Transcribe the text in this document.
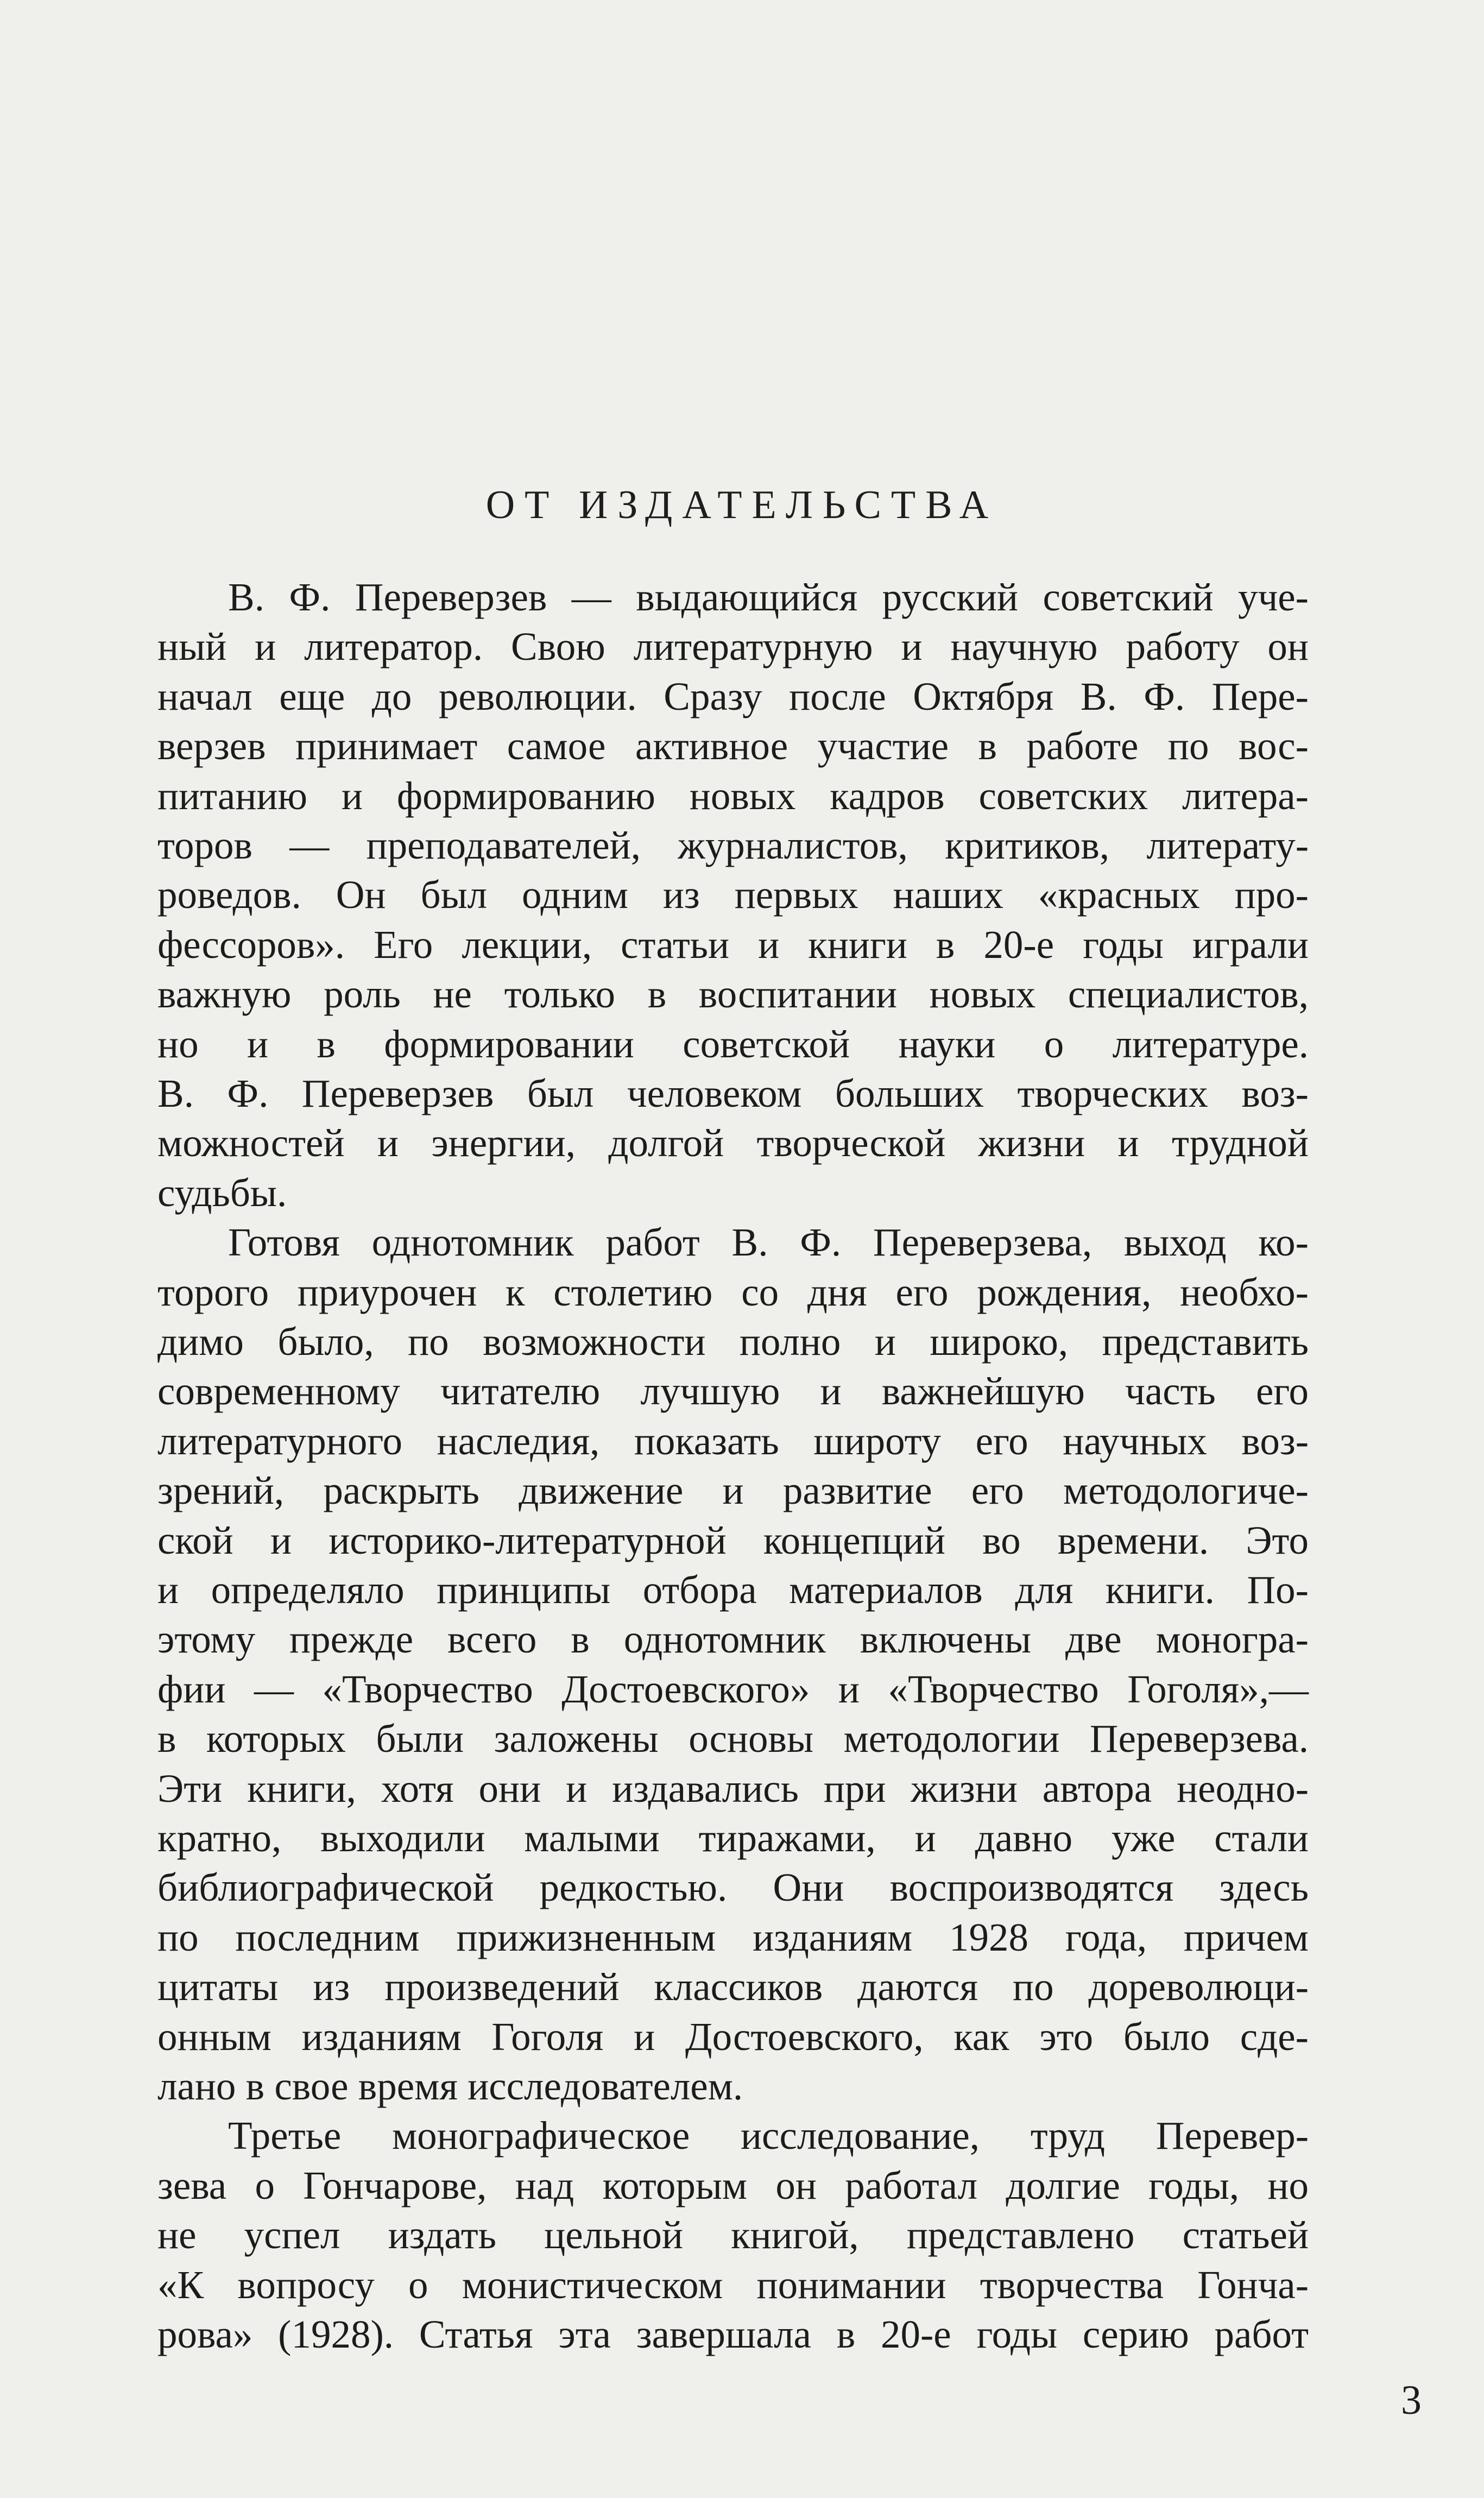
ОТ ИЗДАТЕЛЬСТВА
В. Ф. Переверзев — выдающийся русский советский уче-
ный и литератор. Свою литературную и научную работу он
начал еще до революции. Сразу после Октября В. Ф. Пере-
верзев принимает самое активное участие в работе по вос-
питанию и формированию новых кадров советских литера-
торов — преподавателей, журналистов, критиков, литерату-
роведов. Он был одним из первых наших «красных про-
фессоров». Его лекции, статьи и книги в 20-е годы играли
важную роль не только в воспитании новых специалистов,
но и в формировании советской науки о литературе.
В. Ф. Переверзев был человеком больших творческих воз-
можностей и энергии, долгой творческой жизни и трудной
судьбы.
Готовя однотомник работ В. Ф. Переверзева, выход ко-
торого приурочен к столетию со дня его рождения, необхо-
димо было, по возможности полно и широко, представить
современному читателю лучшую и важнейшую часть его
литературного наследия, показать широту его научных воз-
зрений, раскрыть движение и развитие его методологиче-
ской и историко-литературной концепций во времени. Это
и определяло принципы отбора материалов для книги. По-
этому прежде всего в однотомник включены две моногра-
фии — «Творчество Достоевского» и «Творчество Гоголя»,—
в которых были заложены основы методологии Переверзева.
Эти книги, хотя они и издавались при жизни автора неодно-
кратно, выходили малыми тиражами, и давно уже стали
библиографической редкостью. Они воспроизводятся здесь
по последним прижизненным изданиям 1928 года, причем
цитаты из произведений классиков даются по дореволюци-
онным изданиям Гоголя и Достоевского, как это было сде-
лано в свое время исследователем.
Третье монографическое исследование, труд Перевер-
зева о Гончарове, над которым он работал долгие годы, но
не успел издать цельной книгой, представлено статьей
«К вопросу о монистическом понимании творчества Гонча-
рова» (1928). Статья эта завершала в 20-е годы серию работ
3
